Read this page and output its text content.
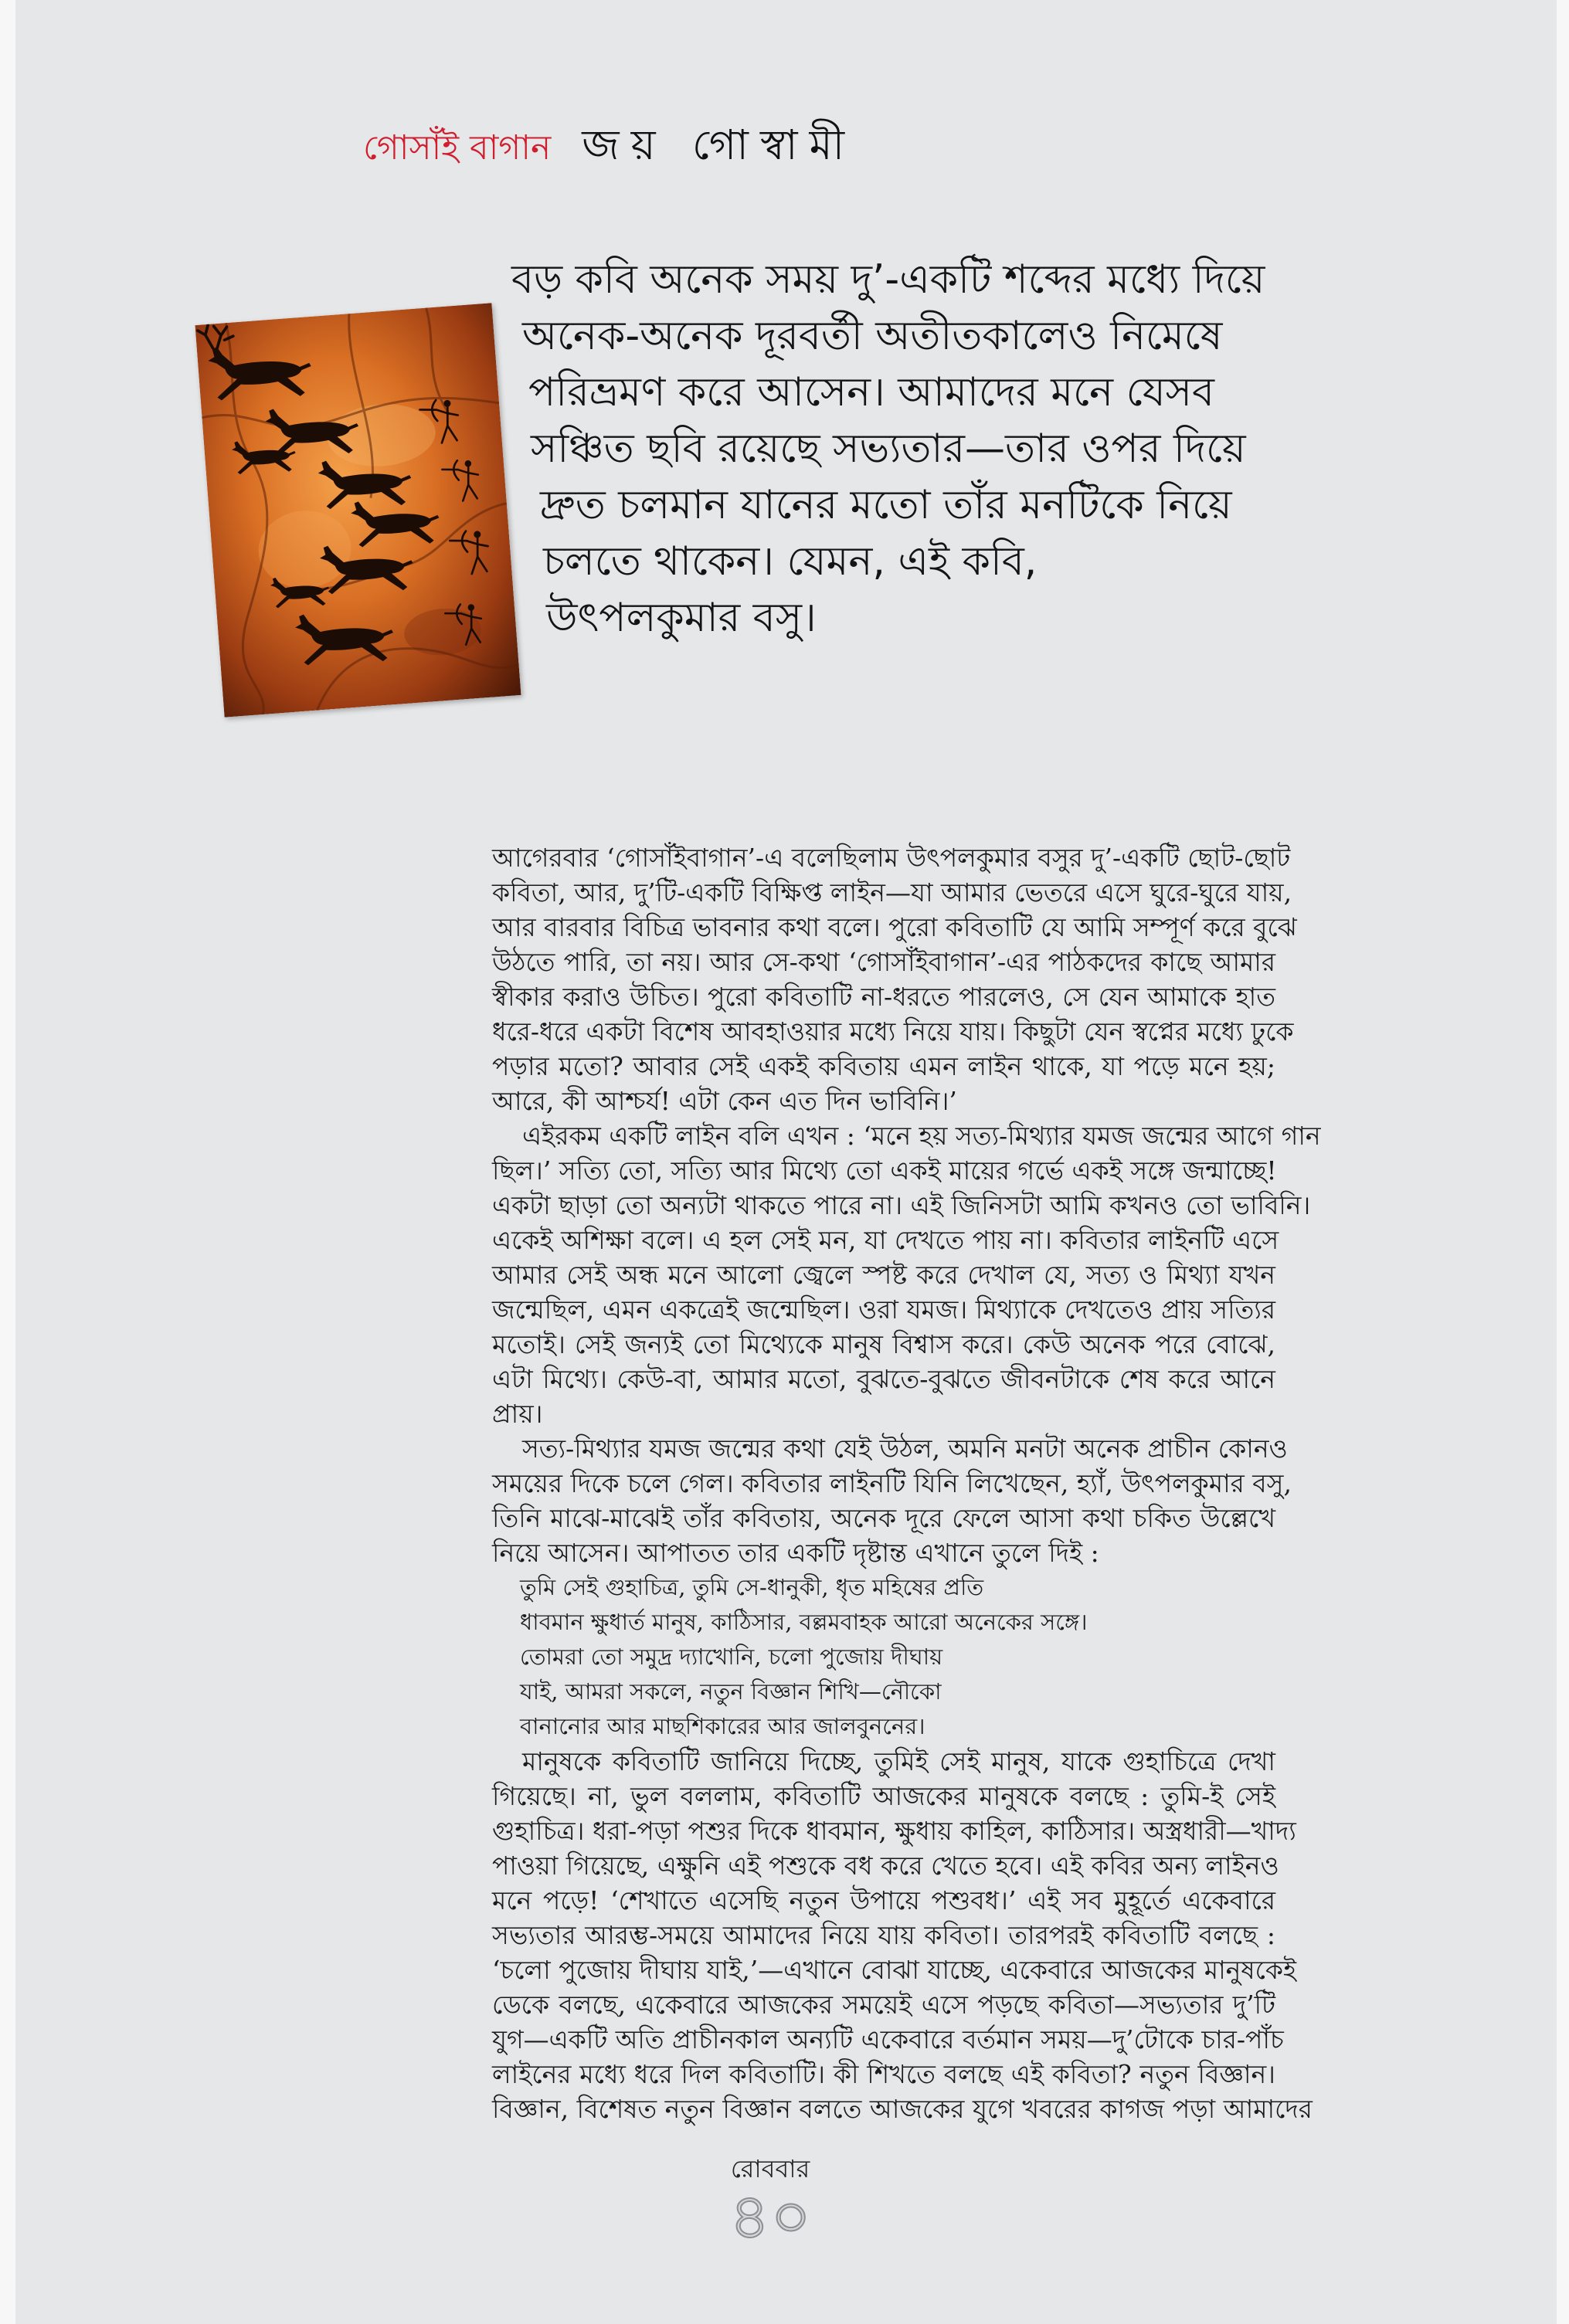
গোসাঁই বাগান জয় গোস্বামী
বড় কবি অনেক সময় দু’-একটি শব্দের মধ্যে দিয়ে
অনেক-অনেক দূরবর্তী অতীতকালেও নিমেষে
পরিভ্রমণ করে আসেন। আমাদের মনে যেসব
সঞ্চিত ছবি রয়েছে সভ্যতার—তার ওপর দিয়ে
দ্রুত চলমান যানের মতো তাঁর মনটিকে নিয়ে
চলতে থাকেন। যেমন, এই কবি,
উৎপলকুমার বসু।
আগেরবার ‘গোসাঁইবাগান’-এ বলেছিলাম উৎপলকুমার বসুর দু’-একটি ছোট-ছোট
কবিতা, আর, দু’টি-একটি বিক্ষিপ্ত লাইন—যা আমার ভেতরে এসে ঘুরে-ঘুরে যায়,
আর বারবার বিচিত্র ভাবনার কথা বলে। পুরো কবিতাটি যে আমি সম্পূর্ণ করে বুঝে
উঠতে পারি, তা নয়। আর সে-কথা ‘গোসাঁইবাগান’-এর পাঠকদের কাছে আমার
স্বীকার করাও উচিত। পুরো কবিতাটি না-ধরতে পারলেও, সে যেন আমাকে হাত
ধরে-ধরে একটা বিশেষ আবহাওয়ার মধ্যে নিয়ে যায়। কিছুটা যেন স্বপ্নের মধ্যে ঢুকে
পড়ার মতো? আবার সেই একই কবিতায় এমন লাইন থাকে, যা পড়ে মনে হয়;
আরে, কী আশ্চর্য! এটা কেন এত দিন ভাবিনি।’
এইরকম একটি লাইন বলি এখন : ‘মনে হয় সত্য-মিথ্যার যমজ জন্মের আগে গান
ছিল।’ সত্যি তো, সত্যি আর মিথ্যে তো একই মায়ের গর্ভে একই সঙ্গে জন্মাচ্ছে!
একটা ছাড়া তো অন্যটা থাকতে পারে না। এই জিনিসটা আমি কখনও তো ভাবিনি।
একেই অশিক্ষা বলে। এ হল সেই মন, যা দেখতে পায় না। কবিতার লাইনটি এসে
আমার সেই অন্ধ মনে আলো জ্বেলে স্পষ্ট করে দেখাল যে, সত্য ও মিথ্যা যখন
জন্মেছিল, এমন একত্রেই জন্মেছিল। ওরা যমজ। মিথ্যাকে দেখতেও প্রায় সত্যির
মতোই। সেই জন্যই তো মিথ্যেকে মানুষ বিশ্বাস করে। কেউ অনেক পরে বোঝে,
এটা মিথ্যে। কেউ-বা, আমার মতো, বুঝতে-বুঝতে জীবনটাকে শেষ করে আনে
প্রায়।
সত্য-মিথ্যার যমজ জন্মের কথা যেই উঠল, অমনি মনটা অনেক প্রাচীন কোনও
সময়ের দিকে চলে গেল। কবিতার লাইনটি যিনি লিখেছেন, হ্যাঁ, উৎপলকুমার বসু,
তিনি মাঝে-মাঝেই তাঁর কবিতায়, অনেক দূরে ফেলে আসা কথা চকিত উল্লেখে
নিয়ে আসেন। আপাতত তার একটি দৃষ্টান্ত এখানে তুলে দিই :
তুমি সেই গুহাচিত্র, তুমি সে-ধানুকী, ধৃত মহিষের প্রতি
ধাবমান ক্ষুধার্ত মানুষ, কাঠিসার, বল্লমবাহক আরো অনেকের সঙ্গে।
তোমরা তো সমুদ্র দ্যাখোনি, চলো পুজোয় দীঘায়
যাই, আমরা সকলে, নতুন বিজ্ঞান শিখি—নৌকো
বানানোর আর মাছশিকারের আর জালবুননের।
মানুষকে কবিতাটি জানিয়ে দিচ্ছে, তুমিই সেই মানুষ, যাকে গুহাচিত্রে দেখা
গিয়েছে। না, ভুল বললাম, কবিতাটি আজকের মানুষকে বলছে : তুমি-ই সেই
গুহাচিত্র। ধরা-পড়া পশুর দিকে ধাবমান, ক্ষুধায় কাহিল, কাঠিসার। অস্ত্রধারী—খাদ্য
পাওয়া গিয়েছে, এক্ষুনি এই পশুকে বধ করে খেতে হবে। এই কবির অন্য লাইনও
মনে পড়ে! ‘শেখাতে এসেছি নতুন উপায়ে পশুবধ।’ এই সব মুহূর্তে একেবারে
সভ্যতার আরম্ভ-সময়ে আমাদের নিয়ে যায় কবিতা। তারপরই কবিতাটি বলছে :
‘চলো পুজোয় দীঘায় যাই,’—এখানে বোঝা যাচ্ছে, একেবারে আজকের মানুষকেই
ডেকে বলছে, একেবারে আজকের সময়েই এসে পড়ছে কবিতা—সভ্যতার দু’টি
যুগ—একটি অতি প্রাচীনকাল অন্যটি একেবারে বর্তমান সময়—দু’টোকে চার-পাঁচ
লাইনের মধ্যে ধরে দিল কবিতাটি। কী শিখতে বলছে এই কবিতা? নতুন বিজ্ঞান।
বিজ্ঞান, বিশেষত নতুন বিজ্ঞান বলতে আজকের যুগে খবরের কাগজ পড়া আমাদের
রোববার
৪০
